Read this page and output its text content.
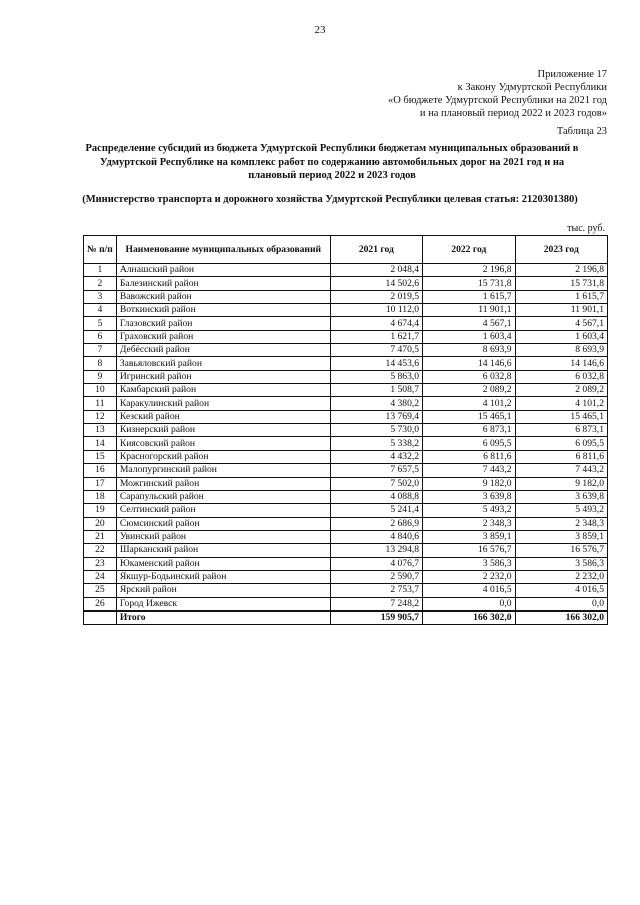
23
Приложение 17
к Закону Удмуртской Республики
«О бюджете Удмуртской Республики на 2021 год
и на плановый период 2022 и 2023 годов»
Таблица 23
Распределение субсидий из бюджета Удмуртской Республики бюджетам муниципальных образований в Удмуртской Республике на комплекс работ по содержанию автомобильных дорог на 2021 год и на плановый период 2022 и 2023 годов
(Министерство транспорта и дорожного хозяйства Удмуртской Республики целевая статья: 2120301380)
тыс. руб.
№ п/п	Наименование муниципальных образований	2021 год	2022 год	2023 год
1	Алнашский район	2 048,4	2 196,8	2 196,8
2	Балезинский район	14 502,6	15 731,8	15 731,8
3	Вавожский район	2 019,5	1 615,7	1 615,7
4	Воткинский район	10 112,0	11 901,1	11 901,1
5	Глазовский район	4 674,4	4 567,1	4 567,1
6	Граховский район	1 621,7	1 603,4	1 603,4
7	Дебёсский район	7 470,5	8 693,9	8 693,9
8	Завьяловский район	14 453,6	14 146,6	14 146,6
9	Игринский район	5 863,0	6 032,8	6 032,8
10	Камбарский район	1 508,7	2 089,2	2 089,2
11	Каракулинский район	4 380,2	4 101,2	4 101,2
12	Кезский район	13 769,4	15 465,1	15 465,1
13	Кизнерский район	5 730,0	6 873,1	6 873,1
14	Киясовский район	5 338,2	6 095,5	6 095,5
15	Красногорский район	4 432,2	6 811,6	6 811,6
16	Малопургинский район	7 657,5	7 443,2	7 443,2
17	Можгинский район	7 502,0	9 182,0	9 182,0
18	Сарапульский район	4 088,8	3 639,8	3 639,8
19	Селтинский район	5 241,4	5 493,2	5 493,2
20	Сюмсинский район	2 686,9	2 348,3	2 348,3
21	Увинский район	4 840,6	3 859,1	3 859,1
22	Шарканский район	13 294,8	16 576,7	16 576,7
23	Юкаменский район	4 076,7	3 586,3	3 586,3
24	Якшур-Бодьинский район	2 590,7	2 232,0	2 232,0
25	Ярский район	2 753,7	4 016,5	4 016,5
26	Город Ижевск	7 248,2	0,0	0,0
	Итого	159 905,7	166 302,0	166 302,0
